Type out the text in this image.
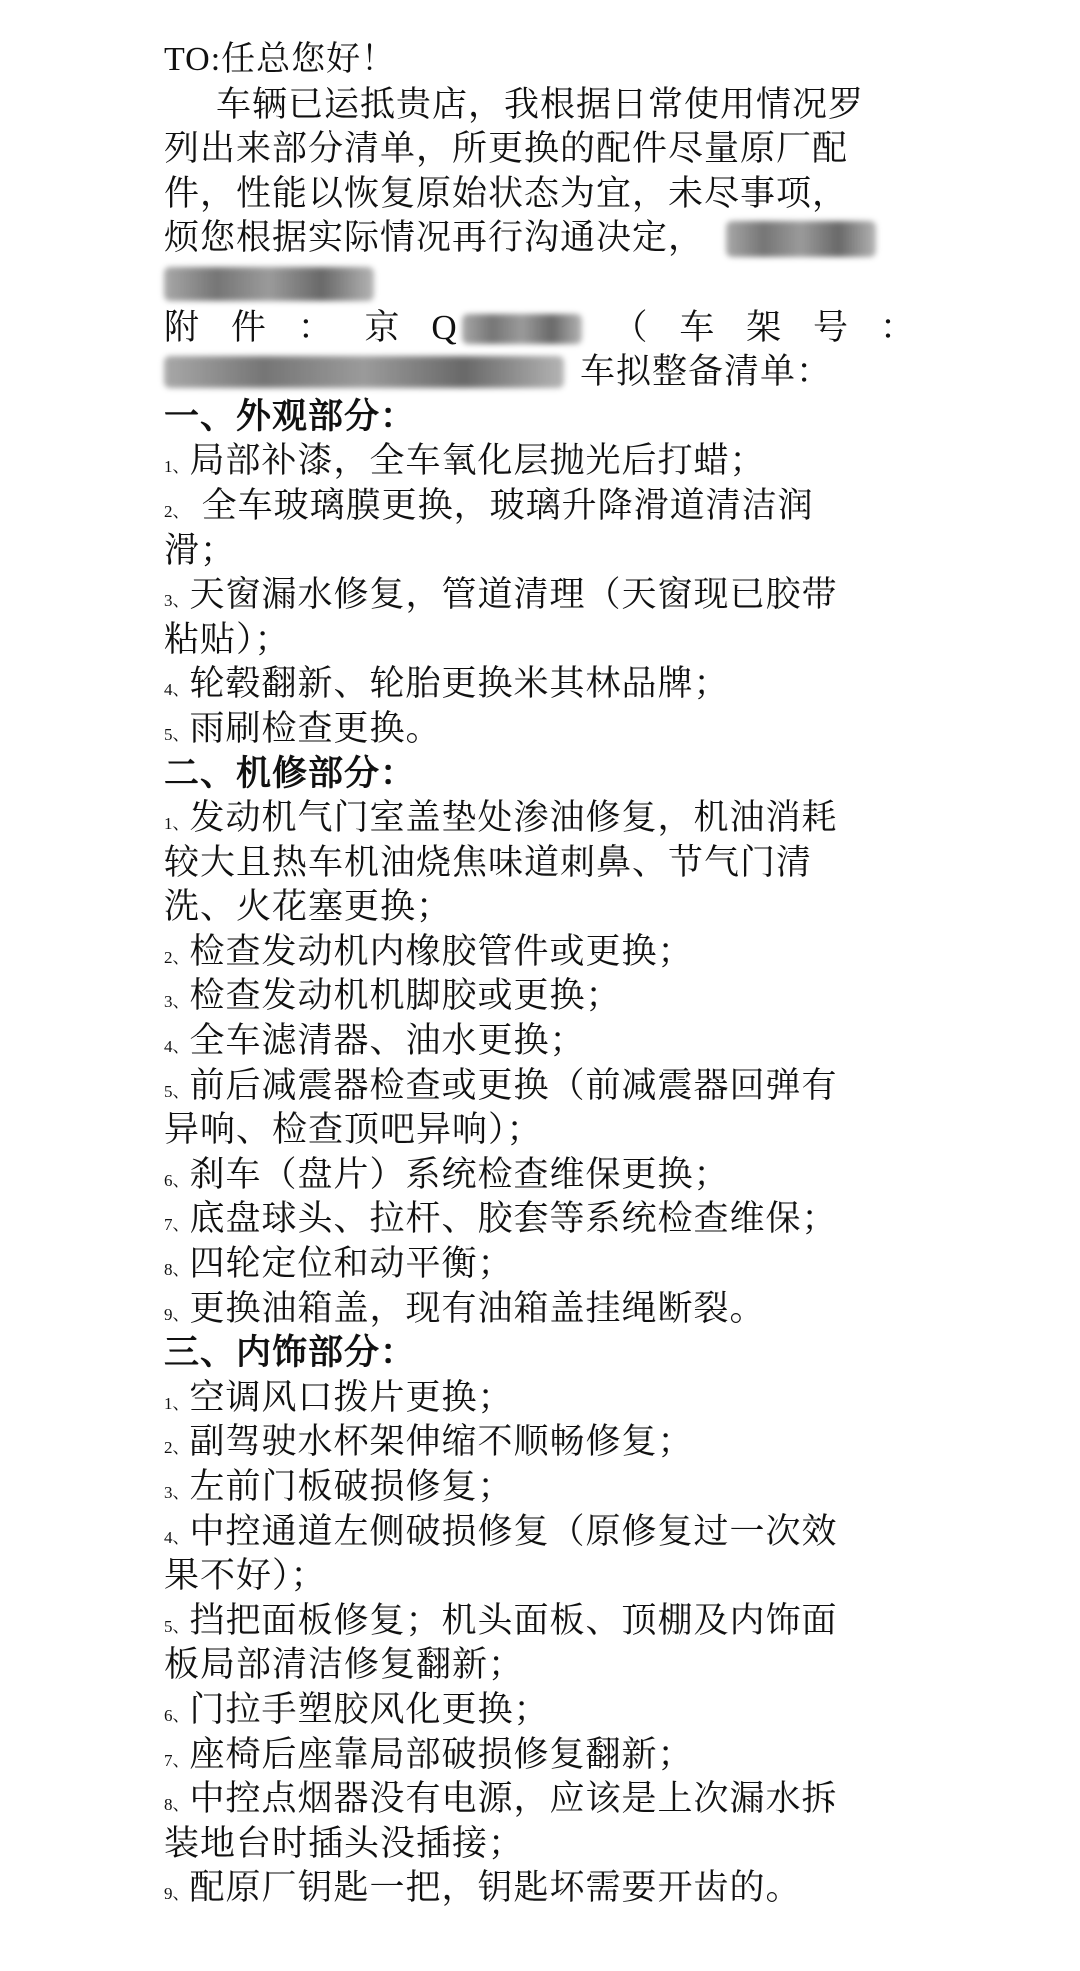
TO:任总您好！
车辆已运抵贵店，我根据日常使用情况罗
列出来部分清单，所更换的配件尽量原厂配
件，性能以恢复原始状态为宜，未尽事项，
烦您根据实际情况再行沟通决定，
附 件 ： 京 Q	（ 车 架 号 ：
车拟整备清单：
一、外观部分：
1、局部补漆，全车氧化层抛光后打蜡；
2、 全车玻璃膜更换，玻璃升降滑道清洁润
滑；
3、天窗漏水修复，管道清理（天窗现已胶带
粘贴）；
4、轮毂翻新、轮胎更换米其林品牌；
5、雨刷检查更换。
二、机修部分：
1、发动机气门室盖垫处渗油修复，机油消耗
较大且热车机油烧焦味道刺鼻、节气门清
洗、火花塞更换；
2、检查发动机内橡胶管件或更换；
3、检查发动机机脚胶或更换；
4、全车滤清器、油水更换；
5、前后减震器检查或更换（前减震器回弹有
异响、检查顶吧异响）；
6、刹车（盘片）系统检查维保更换；
7、底盘球头、拉杆、胶套等系统检查维保；
8、四轮定位和动平衡；
9、更换油箱盖，现有油箱盖挂绳断裂。
三、内饰部分：
1、空调风口拨片更换；
2、副驾驶水杯架伸缩不顺畅修复；
3、左前门板破损修复；
4、中控通道左侧破损修复（原修复过一次效
果不好）；
5、挡把面板修复；机头面板、顶棚及内饰面
板局部清洁修复翻新；
6、门拉手塑胶风化更换；
7、座椅后座靠局部破损修复翻新；
8、中控点烟器没有电源，应该是上次漏水拆
装地台时插头没插接；
9、配原厂钥匙一把，钥匙坏需要开齿的。
